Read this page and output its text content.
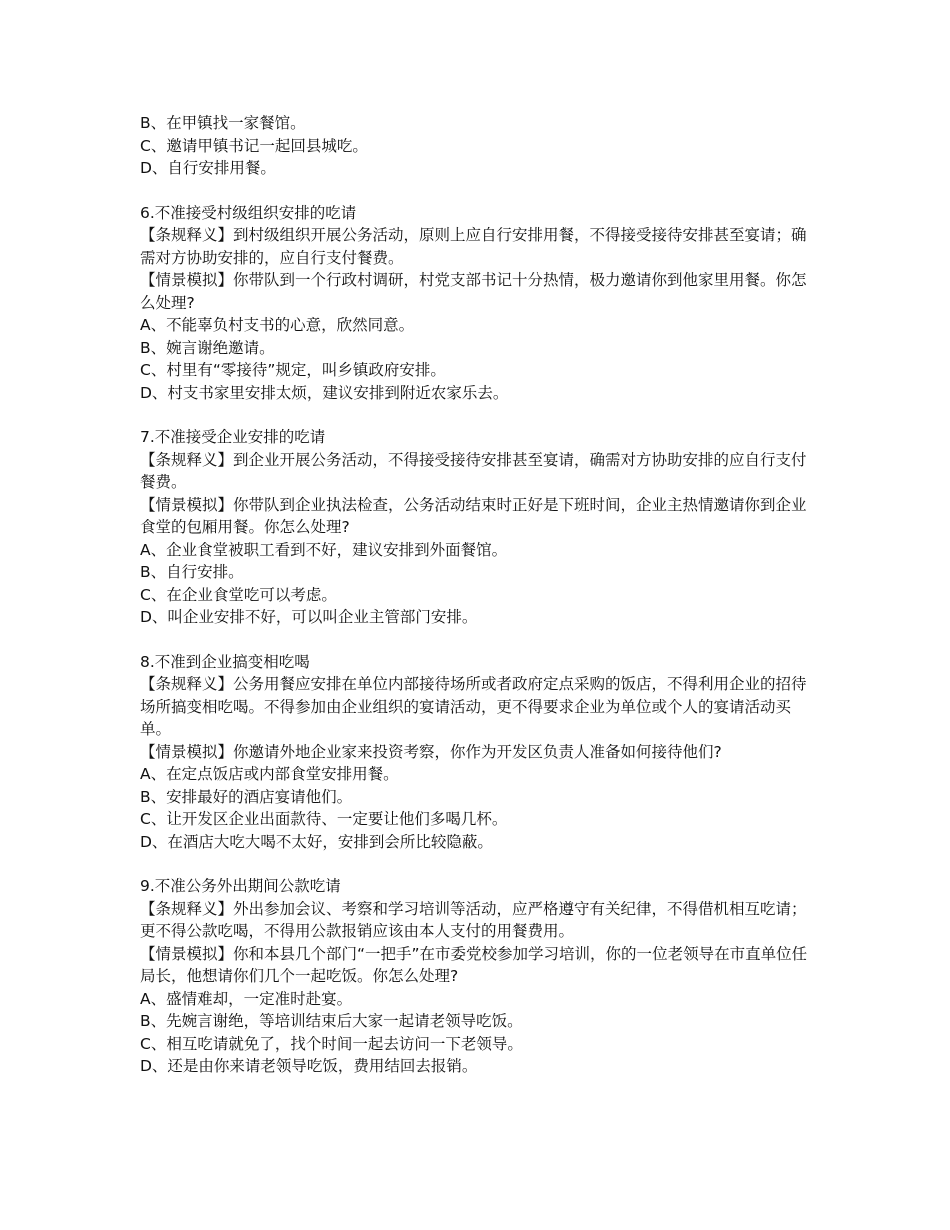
B、在甲镇找一家餐馆。
C、邀请甲镇书记一起回县城吃。
D、自行安排用餐。
6.不准接受村级组织安排的吃请
【条规释义】到村级组织开展公务活动，原则上应自行安排用餐，不得接受接待安排甚至宴请；确需对方协助安排的，应自行支付餐费。
【情景模拟】你带队到一个行政村调研，村党支部书记十分热情，极力邀请你到他家里用餐。你怎么处理?
A、不能辜负村支书的心意，欣然同意。
B、婉言谢绝邀请。
C、村里有“零接待”规定，叫乡镇政府安排。
D、村支书家里安排太烦，建议安排到附近农家乐去。
7.不准接受企业安排的吃请
【条规释义】到企业开展公务活动，不得接受接待安排甚至宴请，确需对方协助安排的应自行支付餐费。
【情景模拟】你带队到企业执法检查，公务活动结束时正好是下班时间，企业主热情邀请你到企业食堂的包厢用餐。你怎么处理?
A、企业食堂被职工看到不好，建议安排到外面餐馆。
B、自行安排。
C、在企业食堂吃可以考虑。
D、叫企业安排不好，可以叫企业主管部门安排。
8.不准到企业搞变相吃喝
【条规释义】公务用餐应安排在单位内部接待场所或者政府定点采购的饭店，不得利用企业的招待场所搞变相吃喝。不得参加由企业组织的宴请活动，更不得要求企业为单位或个人的宴请活动买单。
【情景模拟】你邀请外地企业家来投资考察，你作为开发区负责人准备如何接待他们?
A、在定点饭店或内部食堂安排用餐。
B、安排最好的酒店宴请他们。
C、让开发区企业出面款待、一定要让他们多喝几杯。
D、在酒店大吃大喝不太好，安排到会所比较隐蔽。
9.不准公务外出期间公款吃请
【条规释义】外出参加会议、考察和学习培训等活动，应严格遵守有关纪律，不得借机相互吃请；更不得公款吃喝，不得用公款报销应该由本人支付的用餐费用。
【情景模拟】你和本县几个部门“一把手”在市委党校参加学习培训，你的一位老领导在市直单位任局长，他想请你们几个一起吃饭。你怎么处理?
A、盛情难却，一定准时赴宴。
B、先婉言谢绝，等培训结束后大家一起请老领导吃饭。
C、相互吃请就免了，找个时间一起去访问一下老领导。
D、还是由你来请老领导吃饭，费用结回去报销。
